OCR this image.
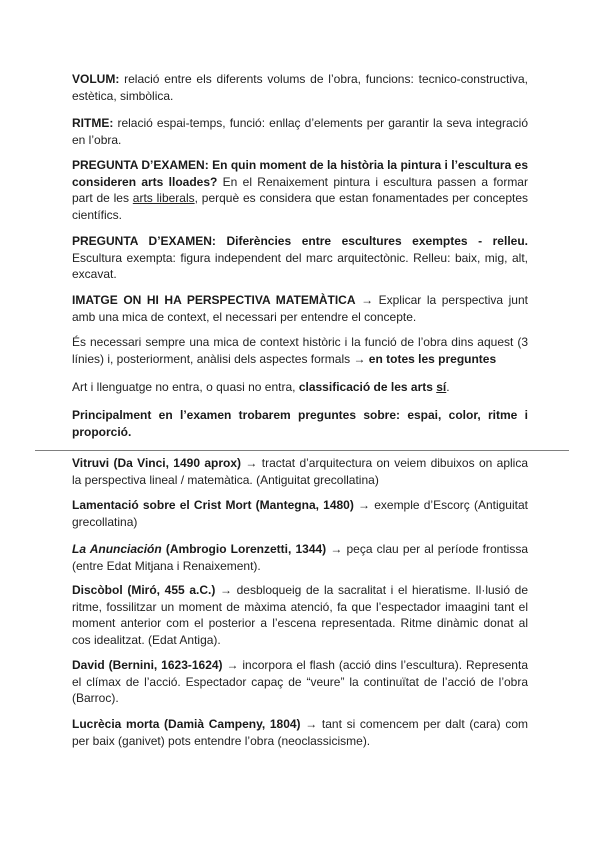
VOLUM: relació entre els diferents volums de l’obra, funcions: tecnico-constructiva, estètica, simbòlica.

RITME: relació espai-temps, funció: enllaç d’elements per garantir la seva integració en l’obra.

PREGUNTA D’EXAMEN: En quin moment de la història la pintura i l’escultura es consideren arts lloades? En el Renaixement pintura i escultura passen a formar part de les arts liberals, perquè es considera que estan fonamentades per conceptes científics.

PREGUNTA D’EXAMEN: Diferències entre escultures exemptes - relleu. Escultura exempta: figura independent del marc arquitectònic. Relleu: baix, mig, alt, excavat.

IMATGE ON HI HA PERSPECTIVA MATEMÀTICA → Explicar la perspectiva junt amb una mica de context, el necessari per entendre el concepte.

És necessari sempre una mica de context històric i la funció de l’obra dins aquest (3 línies) i, posteriorment, anàlisi dels aspectes formals → en totes les preguntes

Art i llenguatge no entra, o quasi no entra, classificació de les arts sí.

Principalment en l’examen trobarem preguntes sobre: espai, color, ritme i proporció.

Vitruvi (Da Vinci, 1490 aprox) → tractat d’arquitectura on veiem dibuixos on aplica la perspectiva lineal / matemàtica. (Antiguitat grecollatina)

Lamentació sobre el Crist Mort (Mantegna, 1480) → exemple d’Escorç (Antiguitat grecollatina)

La Anunciación (Ambrogio Lorenzetti, 1344) → peça clau per al període frontissa (entre Edat Mitjana i Renaixement).

Discòbol (Miró, 455 a.C.) → desbloqueig de la sacralitat i el hieratisme. Il·lusió de ritme, fossilitzar un moment de màxima atenció, fa que l’espectador imaagini tant el moment anterior com el posterior a l’escena representada. Ritme dinàmic donat al cos idealitzat. (Edat Antiga).

David (Bernini, 1623-1624) → incorpora el flash (acció dins l’escultura). Representa el clímax de l’acció. Espectador capaç de “veure” la continuïtat de l’acció de l’obra (Barroc).

Lucrècia morta (Damià Campeny, 1804) → tant si comencem per dalt (cara) com per baix (ganivet) pots entendre l’obra (neoclassicisme).
